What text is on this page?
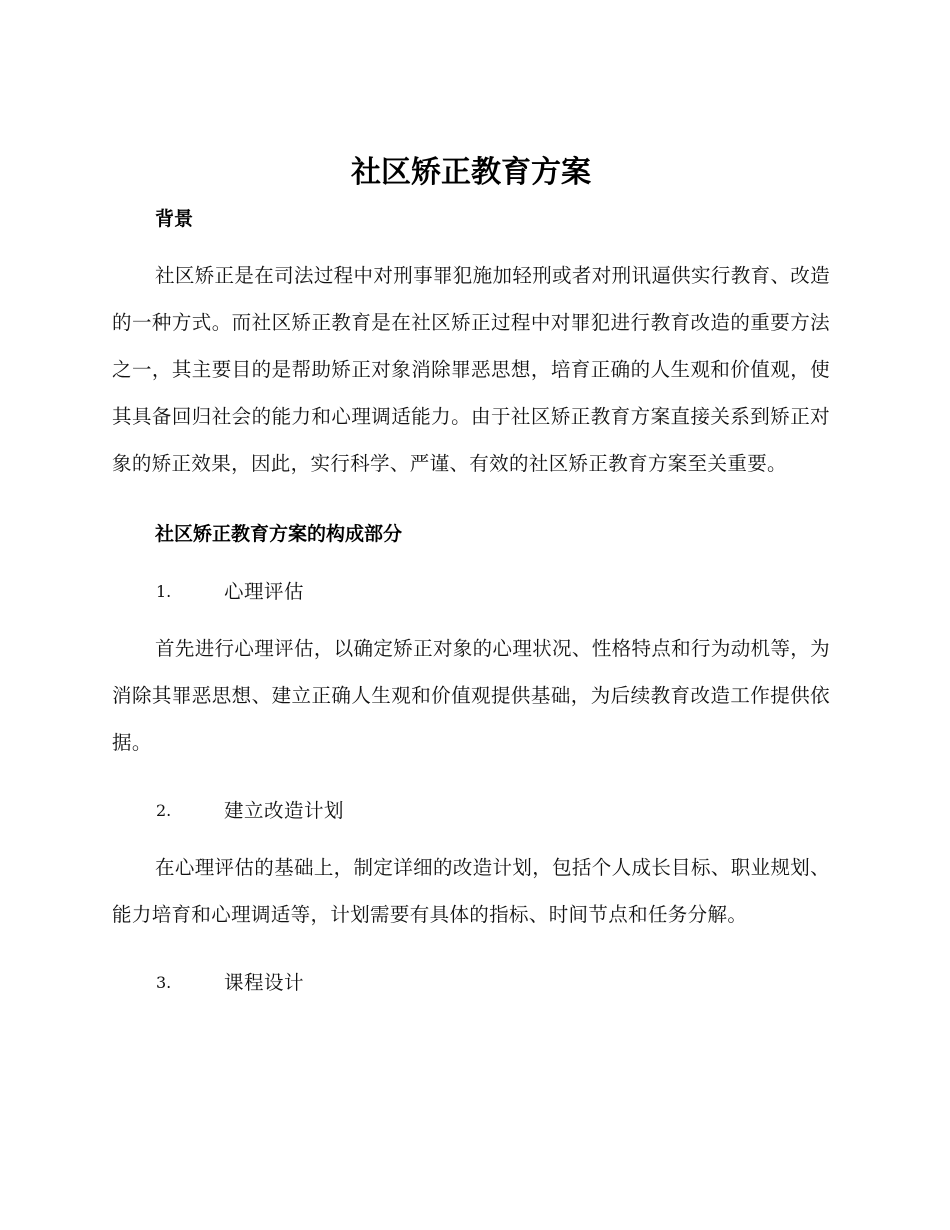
社区矫正教育方案
背景

社区矫正是在司法过程中对刑事罪犯施加轻刑或者对刑讯逼供实行教育、改造的一种方式。而社区矫正教育是在社区矫正过程中对罪犯进行教育改造的重要方法之一，其主要目的是帮助矫正对象消除罪恶思想，培育正确的人生观和价值观，使其具备回归社会的能力和心理调适能力。由于社区矫正教育方案直接关系到矫正对象的矫正效果，因此，实行科学、严谨、有效的社区矫正教育方案至关重要。

社区矫正教育方案的构成部分
1.	心理评估

首先进行心理评估，以确定矫正对象的心理状况、性格特点和行为动机等，为消除其罪恶思想、建立正确人生观和价值观提供基础，为后续教育改造工作提供依据。

2.	建立改造计划

在心理评估的基础上，制定详细的改造计划，包括个人成长目标、职业规划、能力培育和心理调适等，计划需要有具体的指标、时间节点和任务分解。

3.	课程设计
